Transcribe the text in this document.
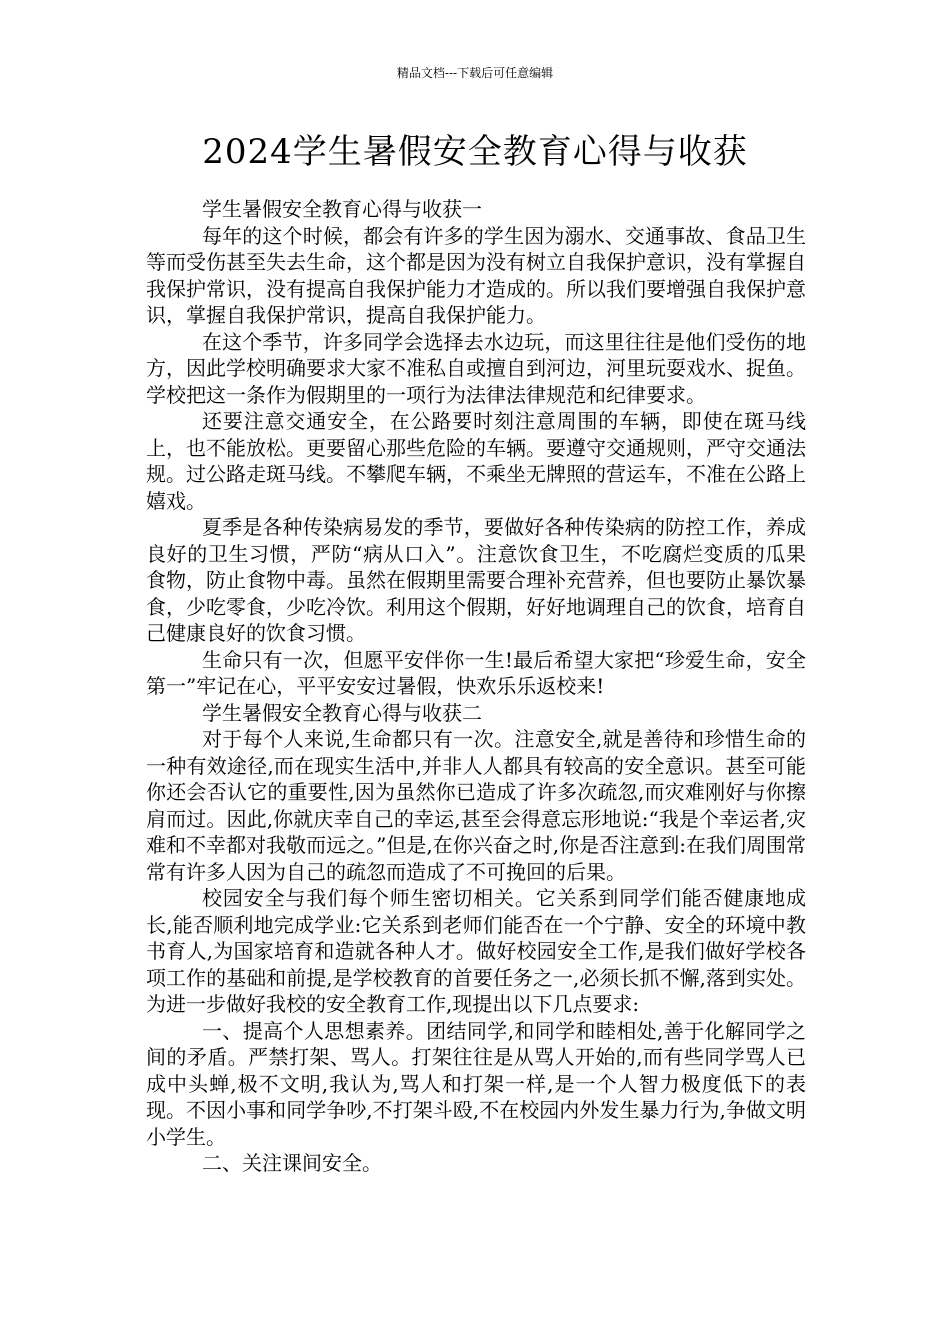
精品文档---下载后可任意编辑
2024学生暑假安全教育心得与收获

学生暑假安全教育心得与收获一

每年的这个时候，都会有许多的学生因为溺水、交通事故、食品卫生等而受伤甚至失去生命，这个都是因为没有树立自我保护意识，没有掌握自我保护常识，没有提高自我保护能力才造成的。所以我们要增强自我保护意识，掌握自我保护常识，提高自我保护能力。

在这个季节，许多同学会选择去水边玩，而这里往往是他们受伤的地方，因此学校明确要求大家不准私自或擅自到河边，河里玩耍戏水、捉鱼。学校把这一条作为假期里的一项行为法律法律规范和纪律要求。

还要注意交通安全，在公路要时刻注意周围的车辆，即使在斑马线上，也不能放松。更要留心那些危险的车辆。要遵守交通规则，严守交通法规。过公路走斑马线。不攀爬车辆，不乘坐无牌照的营运车，不准在公路上嬉戏。

夏季是各种传染病易发的季节，要做好各种传染病的防控工作，养成良好的卫生习惯，严防“病从口入”。注意饮食卫生，不吃腐烂变质的瓜果食物，防止食物中毒。虽然在假期里需要合理补充营养，但也要防止暴饮暴食，少吃零食，少吃冷饮。利用这个假期，好好地调理自己的饮食，培育自己健康良好的饮食习惯。

生命只有一次，但愿平安伴你一生!最后希望大家把“珍爱生命，安全第一”牢记在心，平平安安过暑假，快欢乐乐返校来!

学生暑假安全教育心得与收获二

对于每个人来说,生命都只有一次。注意安全,就是善待和珍惜生命的一种有效途径,而在现实生活中,并非人人都具有较高的安全意识。甚至可能你还会否认它的重要性,因为虽然你已造成了许多次疏忽,而灾难刚好与你擦肩而过。因此,你就庆幸自己的幸运,甚至会得意忘形地说:“我是个幸运者,灾难和不幸都对我敬而远之。”但是,在你兴奋之时,你是否注意到:在我们周围常常有许多人因为自己的疏忽而造成了不可挽回的后果。

校园安全与我们每个师生密切相关。它关系到同学们能否健康地成长,能否顺利地完成学业:它关系到老师们能否在一个宁静、安全的环境中教书育人,为国家培育和造就各种人才。做好校园安全工作,是我们做好学校各项工作的基础和前提,是学校教育的首要任务之一,必须长抓不懈,落到实处。为进一步做好我校的安全教育工作,现提出以下几点要求:

一、提高个人思想素养。团结同学,和同学和睦相处,善于化解同学之间的矛盾。严禁打架、骂人。打架往往是从骂人开始的,而有些同学骂人已成中头蝉,极不文明,我认为,骂人和打架一样,是一个人智力极度低下的表现。不因小事和同学争吵,不打架斗殴,不在校园内外发生暴力行为,争做文明小学生。

二、关注课间安全。
